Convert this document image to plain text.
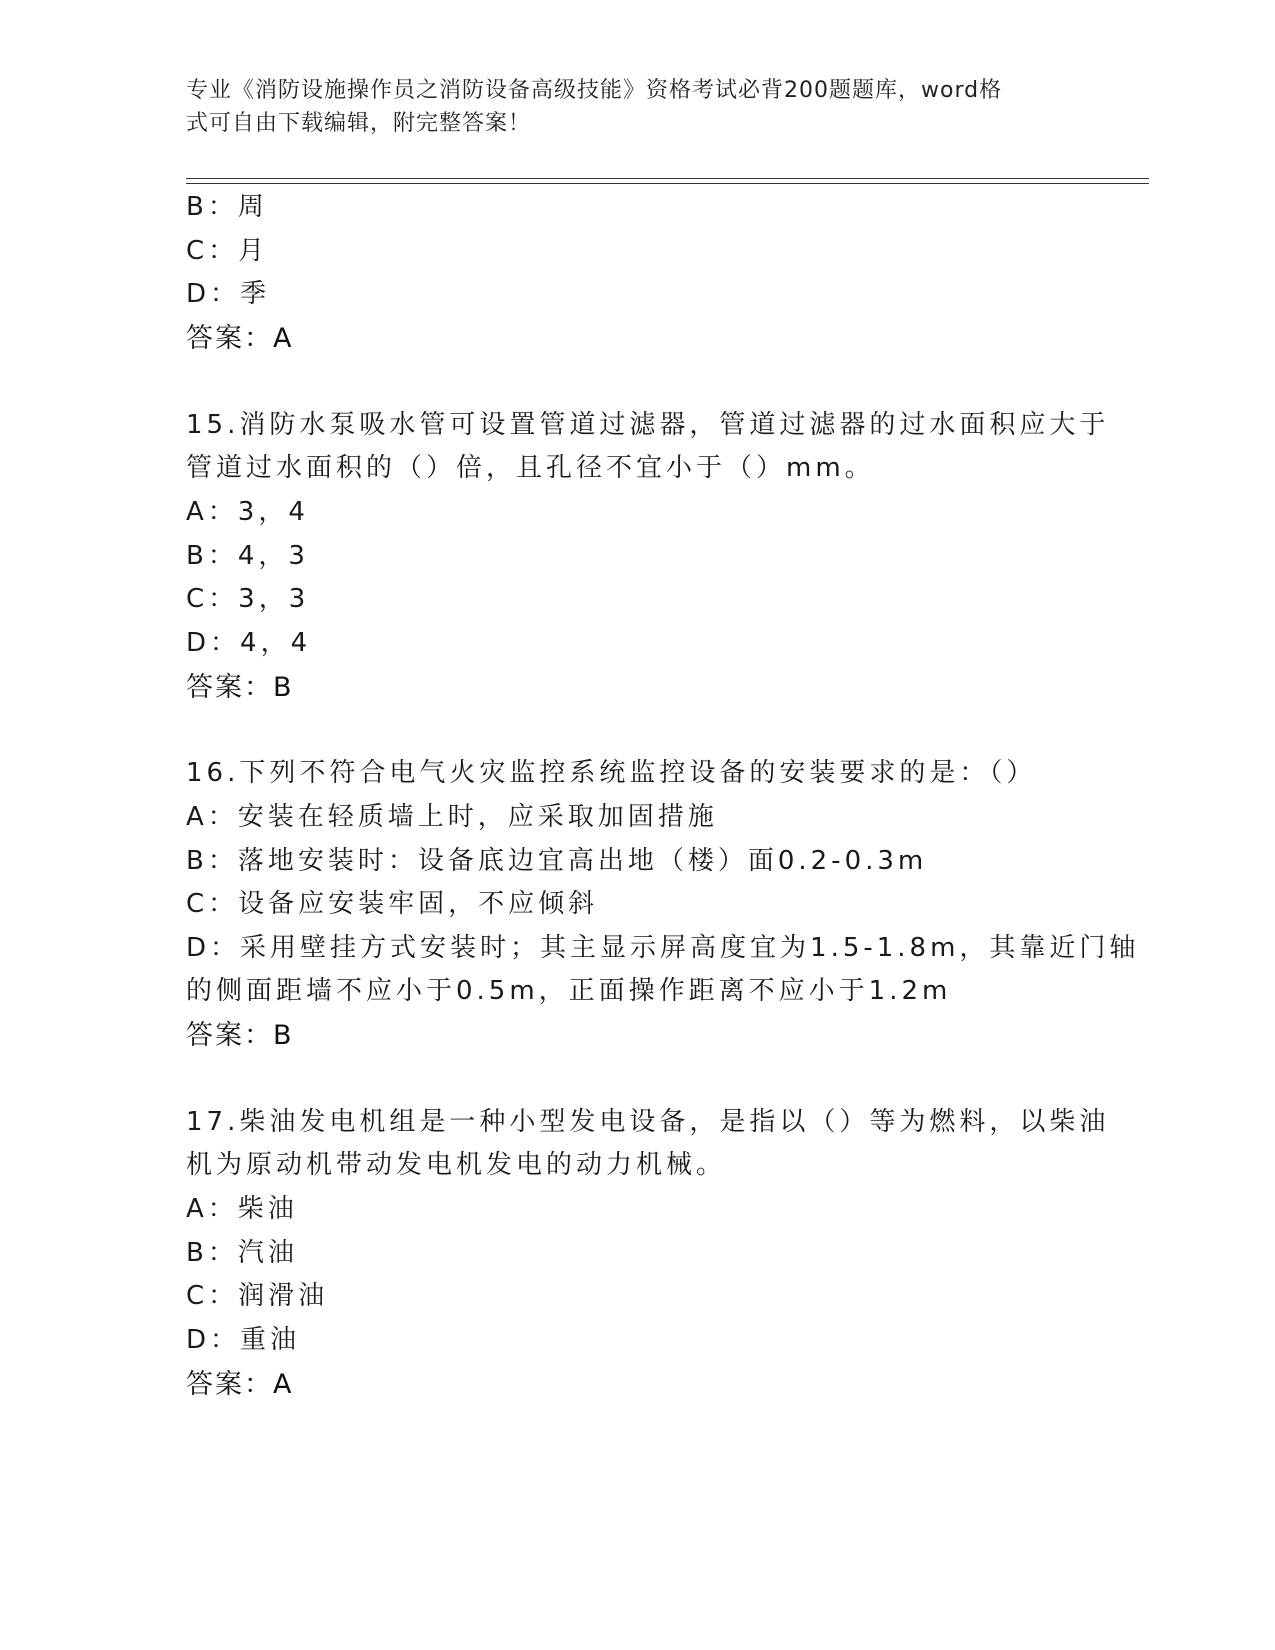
专业《消防设施操作员之消防设备高级技能》资格考试必背200题题库，word格
式可自由下载编辑，附完整答案！
B：周
C：月
D：季
答案：A
15.消防水泵吸水管可设置管道过滤器，管道过滤器的过水面积应大于
管道过水面积的（）倍，且孔径不宜小于（）mm。
A：3，4
B：4，3
C：3，3
D：4，4
答案：B
16.下列不符合电气火灾监控系统监控设备的安装要求的是：（）
A：安装在轻质墙上时，应采取加固措施
B：落地安装时：设备底边宜高出地（楼）面0.2-0.3m
C：设备应安装牢固，不应倾斜
D：采用壁挂方式安装时；其主显示屏高度宜为1.5-1.8m，其靠近门轴
的侧面距墙不应小于0.5m，正面操作距离不应小于1.2m
答案：B
17.柴油发电机组是一种小型发电设备，是指以（）等为燃料，以柴油
机为原动机带动发电机发电的动力机械。
A：柴油
B：汽油
C：润滑油
D：重油
答案：A
